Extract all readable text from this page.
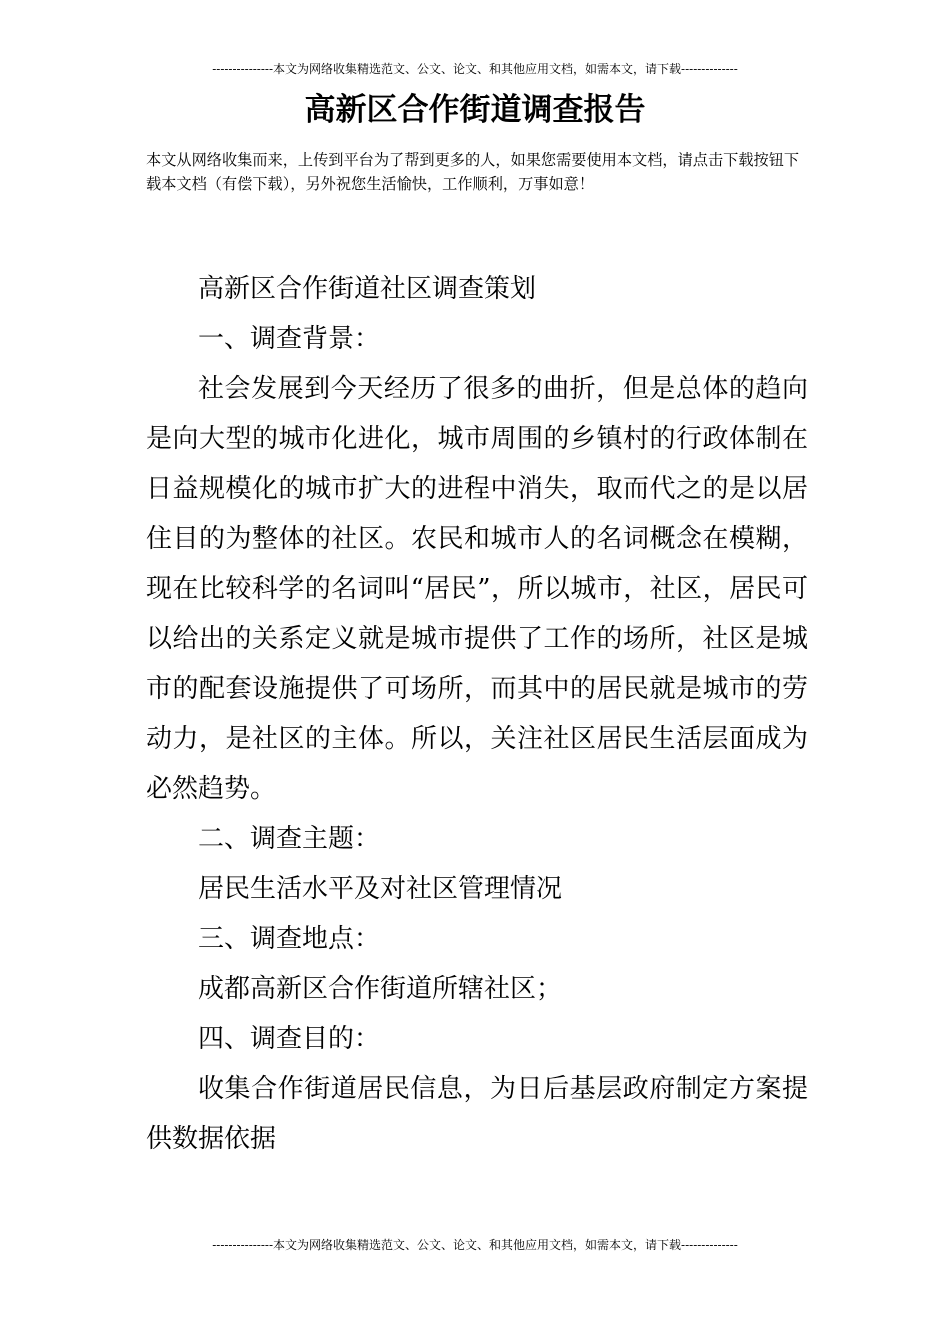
---------------本文为网络收集精选范文、公文、论文、和其他应用文档，如需本文，请下载--------------
高新区合作街道调查报告

本文从网络收集而来，上传到平台为了帮到更多的人，如果您需要使用本文档，请点击下载按钮下载本文档（有偿下载），另外祝您生活愉快，工作顺利，万事如意！

高新区合作街道社区调查策划

一、调查背景：

社会发展到今天经历了很多的曲折，但是总体的趋向是向大型的城市化进化，城市周围的乡镇村的行政体制在日益规模化的城市扩大的进程中消失，取而代之的是以居住目的为整体的社区。农民和城市人的名词概念在模糊，现在比较科学的名词叫“居民”，所以城市，社区，居民可以给出的关系定义就是城市提供了工作的场所，社区是城市的配套设施提供了可场所，而其中的居民就是城市的劳动力，是社区的主体。所以，关注社区居民生活层面成为必然趋势。

二、调查主题：

居民生活水平及对社区管理情况

三、调查地点：

成都高新区合作街道所辖社区；

四、调查目的：

收集合作街道居民信息，为日后基层政府制定方案提供数据依据

---------------本文为网络收集精选范文、公文、论文、和其他应用文档，如需本文，请下载--------------
